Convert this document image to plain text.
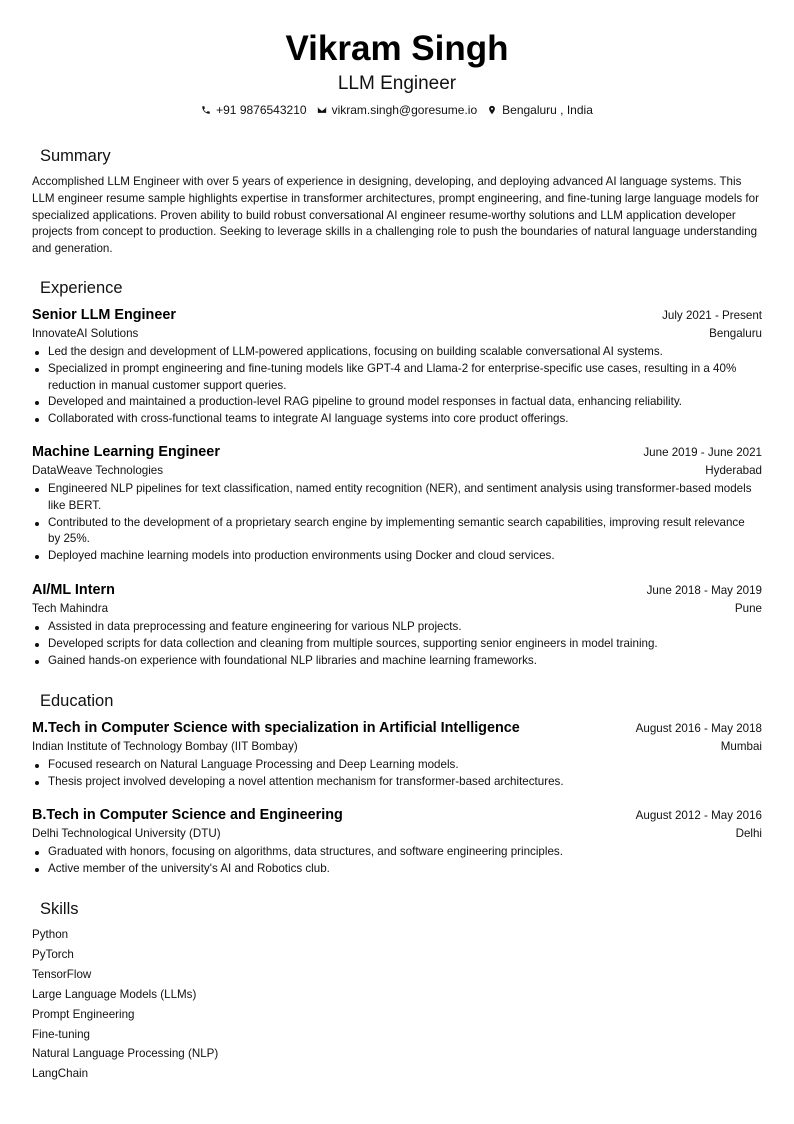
Vikram Singh
LLM Engineer
+91 9876543210 vikram.singh@goresume.io Bengaluru , India
Summary
Accomplished LLM Engineer with over 5 years of experience in designing, developing, and deploying advanced AI language systems. This LLM engineer resume sample highlights expertise in transformer architectures, prompt engineering, and fine-tuning large language models for specialized applications. Proven ability to build robust conversational AI engineer resume-worthy solutions and LLM application developer projects from concept to production. Seeking to leverage skills in a challenging role to push the boundaries of natural language understanding and generation.
Experience
Senior LLM Engineer	July 2021 - Present
InnovateAI Solutions	Bengaluru
Led the design and development of LLM-powered applications, focusing on building scalable conversational AI systems.
Specialized in prompt engineering and fine-tuning models like GPT-4 and Llama-2 for enterprise-specific use cases, resulting in a 40% reduction in manual customer support queries.
Developed and maintained a production-level RAG pipeline to ground model responses in factual data, enhancing reliability.
Collaborated with cross-functional teams to integrate AI language systems into core product offerings.
Machine Learning Engineer	June 2019 - June 2021
DataWeave Technologies	Hyderabad
Engineered NLP pipelines for text classification, named entity recognition (NER), and sentiment analysis using transformer-based models like BERT.
Contributed to the development of a proprietary search engine by implementing semantic search capabilities, improving result relevance by 25%.
Deployed machine learning models into production environments using Docker and cloud services.
AI/ML Intern	June 2018 - May 2019
Tech Mahindra	Pune
Assisted in data preprocessing and feature engineering for various NLP projects.
Developed scripts for data collection and cleaning from multiple sources, supporting senior engineers in model training.
Gained hands-on experience with foundational NLP libraries and machine learning frameworks.
Education
M.Tech in Computer Science with specialization in Artificial Intelligence	August 2016 - May 2018
Indian Institute of Technology Bombay (IIT Bombay)	Mumbai
Focused research on Natural Language Processing and Deep Learning models.
Thesis project involved developing a novel attention mechanism for transformer-based architectures.
B.Tech in Computer Science and Engineering	August 2012 - May 2016
Delhi Technological University (DTU)	Delhi
Graduated with honors, focusing on algorithms, data structures, and software engineering principles.
Active member of the university's AI and Robotics club.
Skills
Python
PyTorch
TensorFlow
Large Language Models (LLMs)
Prompt Engineering
Fine-tuning
Natural Language Processing (NLP)
LangChain
